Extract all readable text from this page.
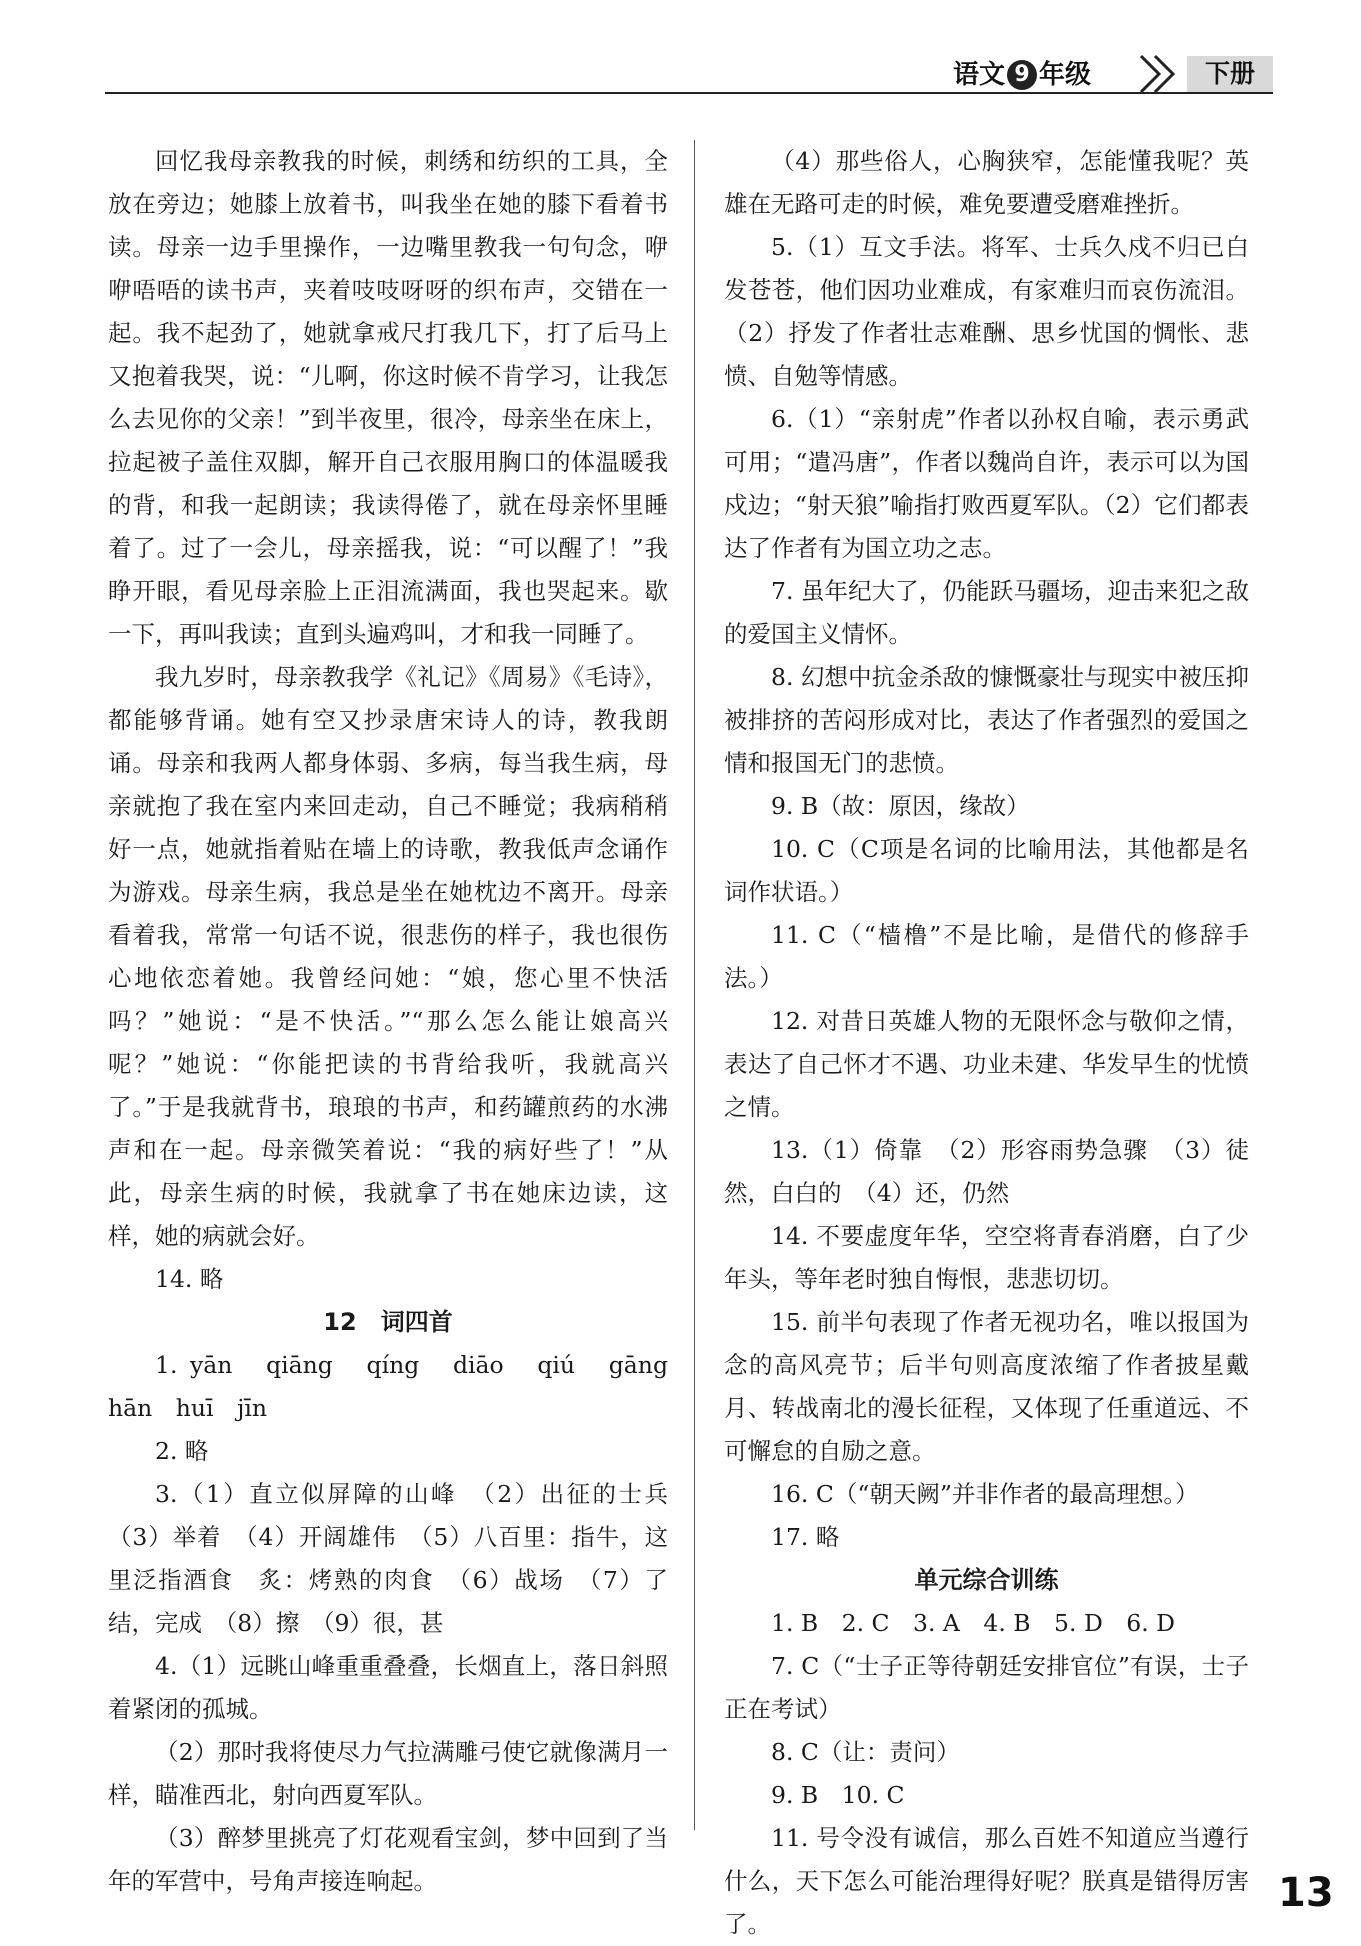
语文 9 年级	下册

回忆我母亲教我的时候，刺绣和纺织的工具，全放在旁边；她膝上放着书，叫我坐在她的膝下看着书读。母亲一边手里操作，一边嘴里教我一句句念，咿咿唔唔的读书声，夹着吱吱呀呀的织布声，交错在一起。我不起劲了，她就拿戒尺打我几下，打了后马上又抱着我哭，说：“儿啊，你这时候不肯学习，让我怎么去见你的父亲！”到半夜里，很冷，母亲坐在床上，拉起被子盖住双脚，解开自己衣服用胸口的体温暖我的背，和我一起朗读；我读得倦了，就在母亲怀里睡着了。过了一会儿，母亲摇我，说：“可以醒了！”我睁开眼，看见母亲脸上正泪流满面，我也哭起来。歇一下，再叫我读；直到头遍鸡叫，才和我一同睡了。

我九岁时，母亲教我学《礼记》《周易》《毛诗》，都能够背诵。她有空又抄录唐宋诗人的诗，教我朗诵。母亲和我两人都身体弱、多病，每当我生病，母亲就抱了我在室内来回走动，自己不睡觉；我病稍稍好一点，她就指着贴在墙上的诗歌，教我低声念诵作为游戏。母亲生病，我总是坐在她枕边不离开。母亲看着我，常常一句话不说，很悲伤的样子，我也很伤心地依恋着她。我曾经问她：“娘，您心里不快活吗？”她说：“是不快活。”“那么怎么能让娘高兴呢？”她说：“你能把读的书背给我听，我就高兴了。”于是我就背书，琅琅的书声，和药罐煎药的水沸声和在一起。母亲微笑着说：“我的病好些了！”从此，母亲生病的时候，我就拿了书在她床边读，这样，她的病就会好。

14. 略

12　词四首

1. yān　qiāng　qíng　diāo　qiú　gāng　hān　huī　jīn

2. 略

3.（1）直立似屏障的山峰　（2）出征的士兵　（3）举着　（4）开阔雄伟　（5）八百里：指牛，这里泛指酒食　炙：烤熟的肉食　（6）战场　（7）了结，完成　（8）擦　（9）很，甚

4.（1）远眺山峰重重叠叠，长烟直上，落日斜照着紧闭的孤城。

（2）那时我将使尽力气拉满雕弓使它就像满月一样，瞄准西北，射向西夏军队。

（3）醉梦里挑亮了灯花观看宝剑，梦中回到了当年的军营中，号角声接连响起。

（4）那些俗人，心胸狭窄，怎能懂我呢？英雄在无路可走的时候，难免要遭受磨难挫折。

5.（1）互文手法。将军、士兵久戍不归已白发苍苍，他们因功业难成，有家难归而哀伤流泪。（2）抒发了作者壮志难酬、思乡忧国的惆怅、悲愤、自勉等情感。

6.（1）“亲射虎”作者以孙权自喻，表示勇武可用；“遣冯唐”，作者以魏尚自许，表示可以为国戍边；“射天狼”喻指打败西夏军队。（2）它们都表达了作者有为国立功之志。

7. 虽年纪大了，仍能跃马疆场，迎击来犯之敌的爱国主义情怀。

8. 幻想中抗金杀敌的慷慨豪壮与现实中被压抑被排挤的苦闷形成对比，表达了作者强烈的爱国之情和报国无门的悲愤。

9. B（故：原因，缘故）

10. C（C项是名词的比喻用法，其他都是名词作状语。）

11. C（“樯橹”不是比喻，是借代的修辞手法。）

12. 对昔日英雄人物的无限怀念与敬仰之情，表达了自己怀才不遇、功业未建、华发早生的忧愤之情。

13.（1）倚靠　（2）形容雨势急骤　（3）徒然，白白的　（4）还，仍然

14. 不要虚度年华，空空将青春消磨，白了少年头，等年老时独自悔恨，悲悲切切。

15. 前半句表现了作者无视功名，唯以报国为念的高风亮节；后半句则高度浓缩了作者披星戴月、转战南北的漫长征程，又体现了任重道远、不可懈怠的自励之意。

16. C（“朝天阙”并非作者的最高理想。）

17. 略

单元综合训练

1. B　2. C　3. A　4. B　5. D　6. D

7. C（“士子正等待朝廷安排官位”有误，士子正在考试）

8. C（让：责问）

9. B　10. C

11. 号令没有诚信，那么百姓不知道应当遵行什么，天下怎么可能治理得好呢？朕真是错得厉害了。

13
